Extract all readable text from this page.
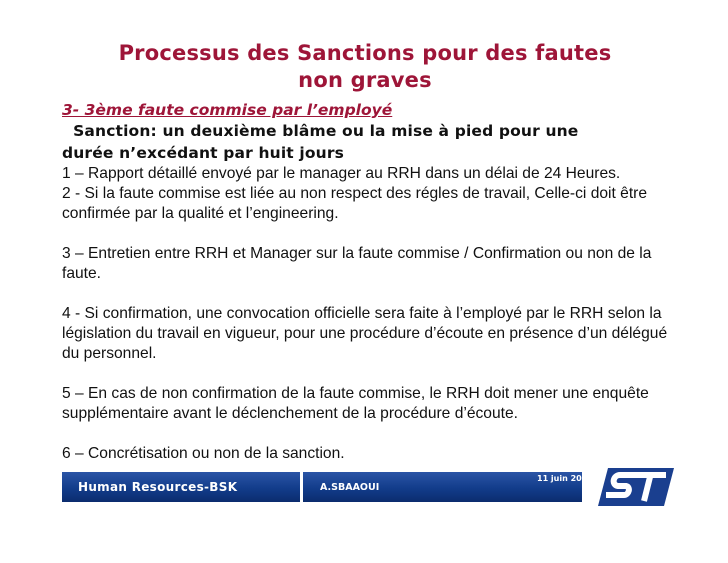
Processus des Sanctions pour des fautes
non graves
3- 3ème faute commise par l’employé
Sanction: un deuxième blâme ou la mise à pied pour une
durée n’excédant par huit jours

1 – Rapport détaillé envoyé par le manager au RRH dans un délai de 24 Heures.

2 - Si la faute commise est liée au non respect des régles de travail, Celle-ci doit être confirmée par la qualité et l’engineering.

3 – Entretien entre RRH et Manager sur la faute commise / Confirmation ou non de la faute.

4 - Si confirmation, une convocation officielle sera faite à l’employé par le RRH selon la législation du travail en vigueur, pour une procédure d’écoute en présence d’un délégué du personnel.

5 – En cas de non confirmation de la faute commise, le RRH doit mener une enquête supplémentaire avant le déclenchement de la procédure d’écoute.

6 – Concrétisation ou non de la sanction.

Human Resources-BSK	A.SBAAOUI
11 juin 2008
